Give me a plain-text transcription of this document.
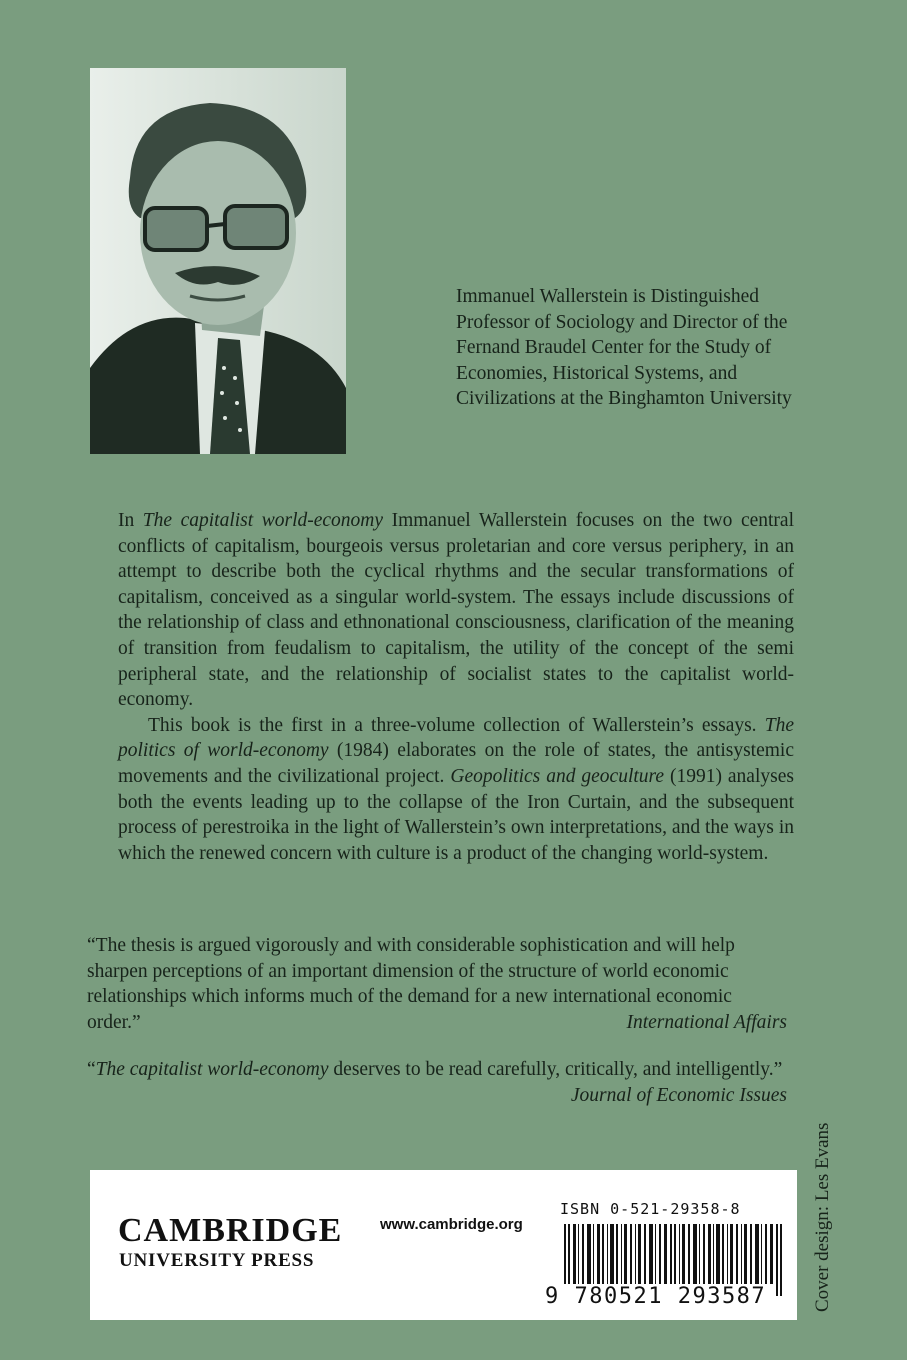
Immanuel Wallerstein is Distinguished Professor of Sociology and Director of the Fernand Braudel Center for the Study of Economies, Historical Systems, and Civilizations at the Binghamton University

In The capitalist world-economy Immanuel Wallerstein focuses on the two central conflicts of capitalism, bourgeois versus proletarian and core versus periphery, in an attempt to describe both the cyclical rhythms and the secular transformations of capitalism, conceived as a singular world-system. The essays include discussions of the relationship of class and ethnonational consciousness, clarification of the meaning of transition from feudalism to capitalism, the utility of the concept of the semi peripheral state, and the relationship of socialist states to the capitalist world-economy.

This book is the first in a three-volume collection of Wallerstein’s essays. The politics of world-economy (1984) elaborates on the role of states, the antisystemic movements and the civilizational project. Geopolitics and geoculture (1991) analyses both the events leading up to the collapse of the Iron Curtain, and the subsequent process of perestroika in the light of Wallerstein’s own interpretations, and the ways in which the renewed concern with culture is a product of the changing world-system.

“The thesis is argued vigorously and with considerable sophistication and will help sharpen perceptions of an important dimension of the structure of world economic relationships which informs much of the demand for a new international economic order.”	International Affairs
“The capitalist world-economy deserves to be read carefully, critically, and intelligently.”
Journal of Economic Issues
Cover design: Les Evans
CAMBRIDGE
UNIVERSITY PRESS
www.cambridge.org
ISBN 0-521-29358-8
9 780521 293587
